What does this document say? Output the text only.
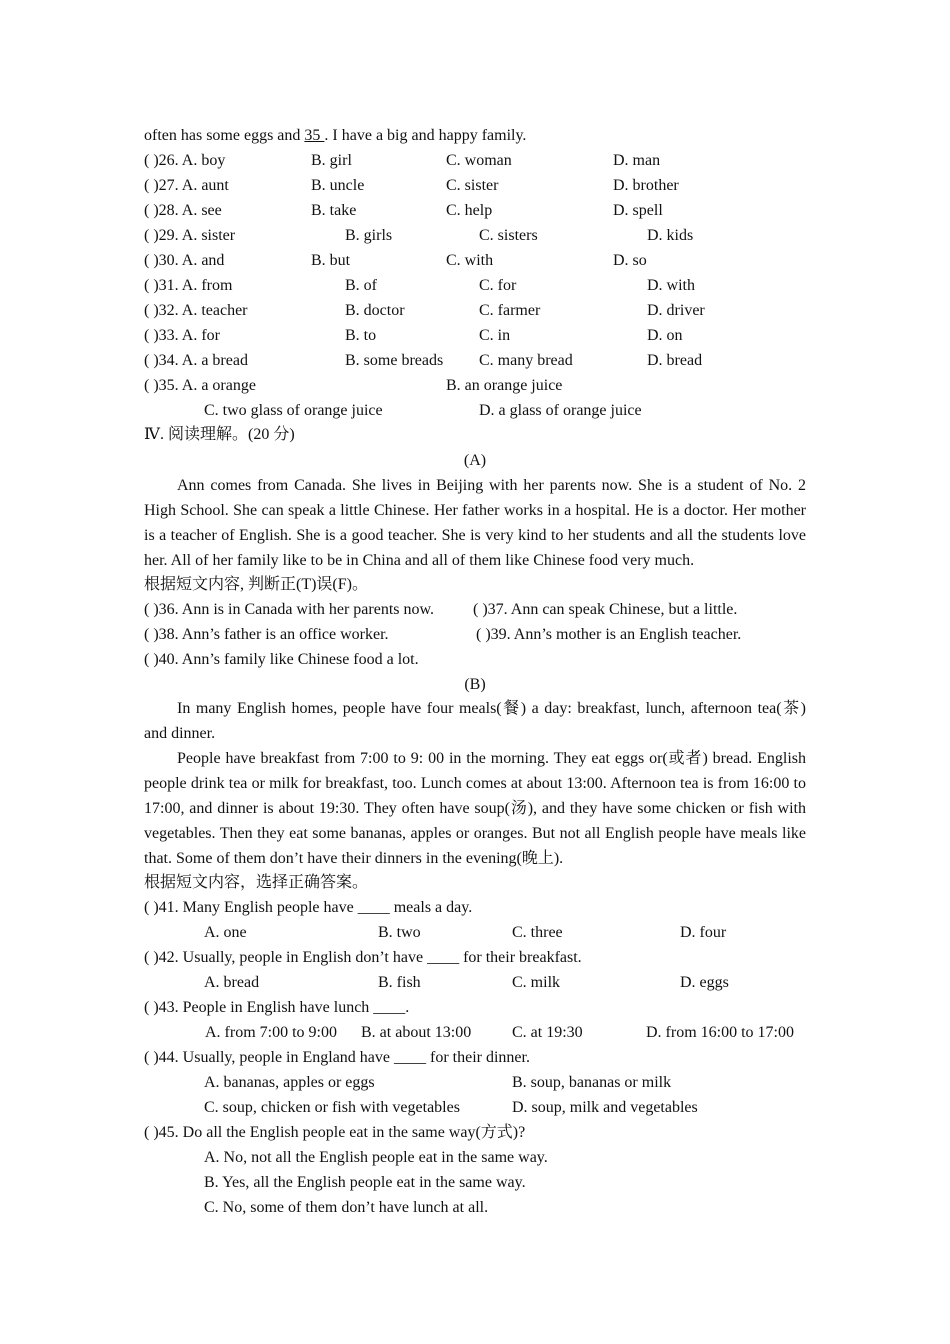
often has some eggs and 35 . I have a big and happy family.
( )26. A. boy	B. girl	C. woman	D. man
( )27. A. aunt	B. uncle	C. sister	D. brother
( )28. A. see	B. take	C. help	D. spell
( )29. A. sister	B. girls	C. sisters	D. kids
( )30. A. and	B. but	C. with	D. so
( )31. A. from	B. of	C. for	D. with
( )32. A. teacher	B. doctor	C. farmer	D. driver
( )33. A. for	B. to	C. in	D. on
( )34. A. a bread	B. some breads C. many bread	D. bread
( )35. A. a orange	B. an orange juice
C. two glass of orange juice	D. a glass of orange juice
Ⅳ. 阅读理解。(20 分)
(A)

Ann comes from Canada. She lives in Beijing with her parents now. She is a student of No. 2 High School. She can speak a little Chinese. Her father works in a hospital. He is a doctor. Her mother is a teacher of English. She is a good teacher. She is very kind to her students and all the students love her. All of her family like to be in China and all of them like Chinese food very much.

根据短文内容, 判断正(T)误(F)。
( )36. Ann is in Canada with her parents now. ( )37. Ann can speak Chinese, but a little.
( )38. Ann’s father is an office worker.	( )39. Ann’s mother is an English teacher.
( )40. Ann’s family like Chinese food a lot.
(B)

In many English homes, people have four meals(餐) a day: breakfast, lunch, afternoon tea(茶) and dinner.

People have breakfast from 7:00 to 9: 00 in the morning. They eat eggs or(或者) bread. English people drink tea or milk for breakfast, too. Lunch comes at about 13:00. Afternoon tea is from 16:00 to 17:00, and dinner is about 19:30. They often have soup(汤), and they have some chicken or fish with vegetables. Then they eat some bananas, apples or oranges. But not all English people have meals like that. Some of them don’t have their dinners in the evening(晚上).

根据短文内容，选择正确答案。
( )41. Many English people have ____ meals a day.
A. one	B. two	C. three	D. four
( )42. Usually, people in English don’t have ____ for their breakfast.
A. bread	B. fish	C. milk	D. eggs
( )43. People in English have lunch ____.
A. from 7:00 to 9:00 B. at about 13:00	C. at 19:30	D. from 16:00 to 17:00
( )44. Usually, people in England have ____ for their dinner.
A. bananas, apples or eggs	B. soup, bananas or milk
C. soup, chicken or fish with vegetables	D. soup, milk and vegetables
( )45. Do all the English people eat in the same way(方式)?
A. No, not all the English people eat in the same way.
B. Yes, all the English people eat in the same way.
C. No, some of them don’t have lunch at all.
